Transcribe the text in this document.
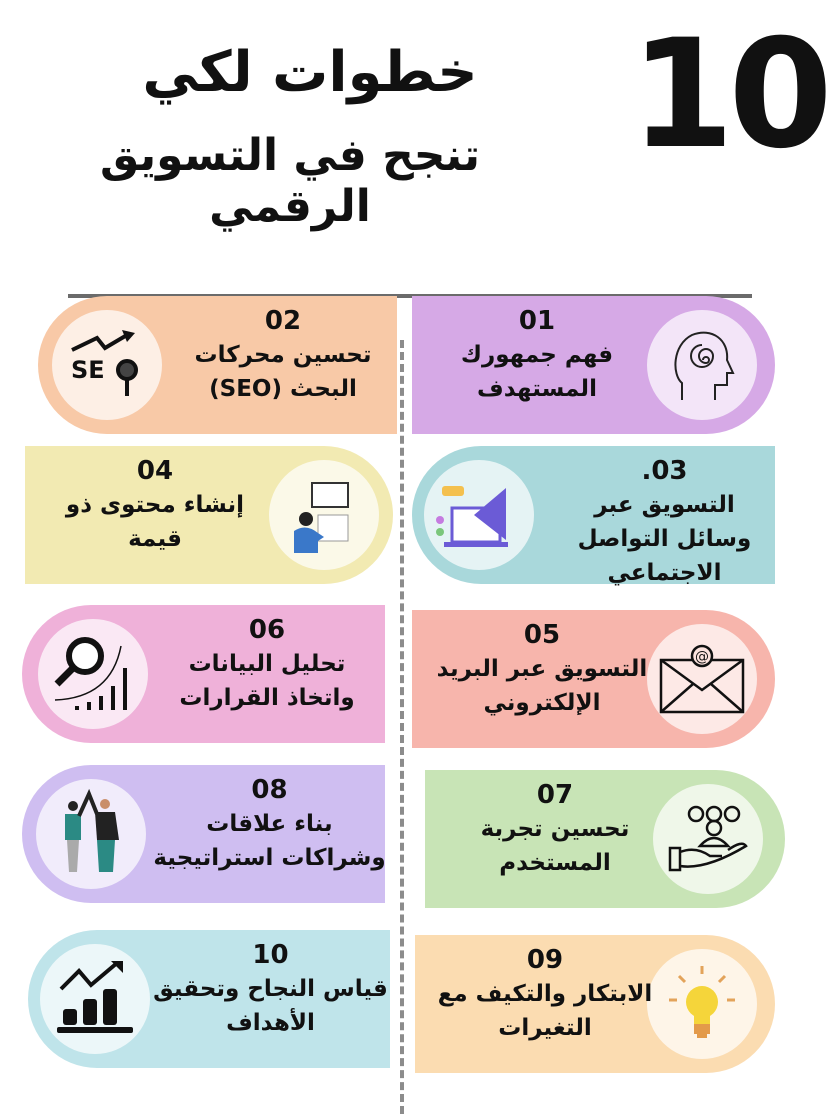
10
خطوات لكي
تنجح في التسويق الرقمي
01
فهم جمهورك المستهدف
SE
02
تحسين محركات البحث (SEO)
03.
التسويق عبر وسائل التواصل الاجتماعي
04
إنشاء محتوى ذو قيمة
@
05
التسويق عبر البريد الإلكتروني
06
تحليل البيانات واتخاذ القرارات
07
تحسين تجربة المستخدم
08
بناء علاقات وشراكات استراتيجية
09
الابتكار والتكيف مع التغيرات
10
قياس النجاح وتحقيق الأهداف
